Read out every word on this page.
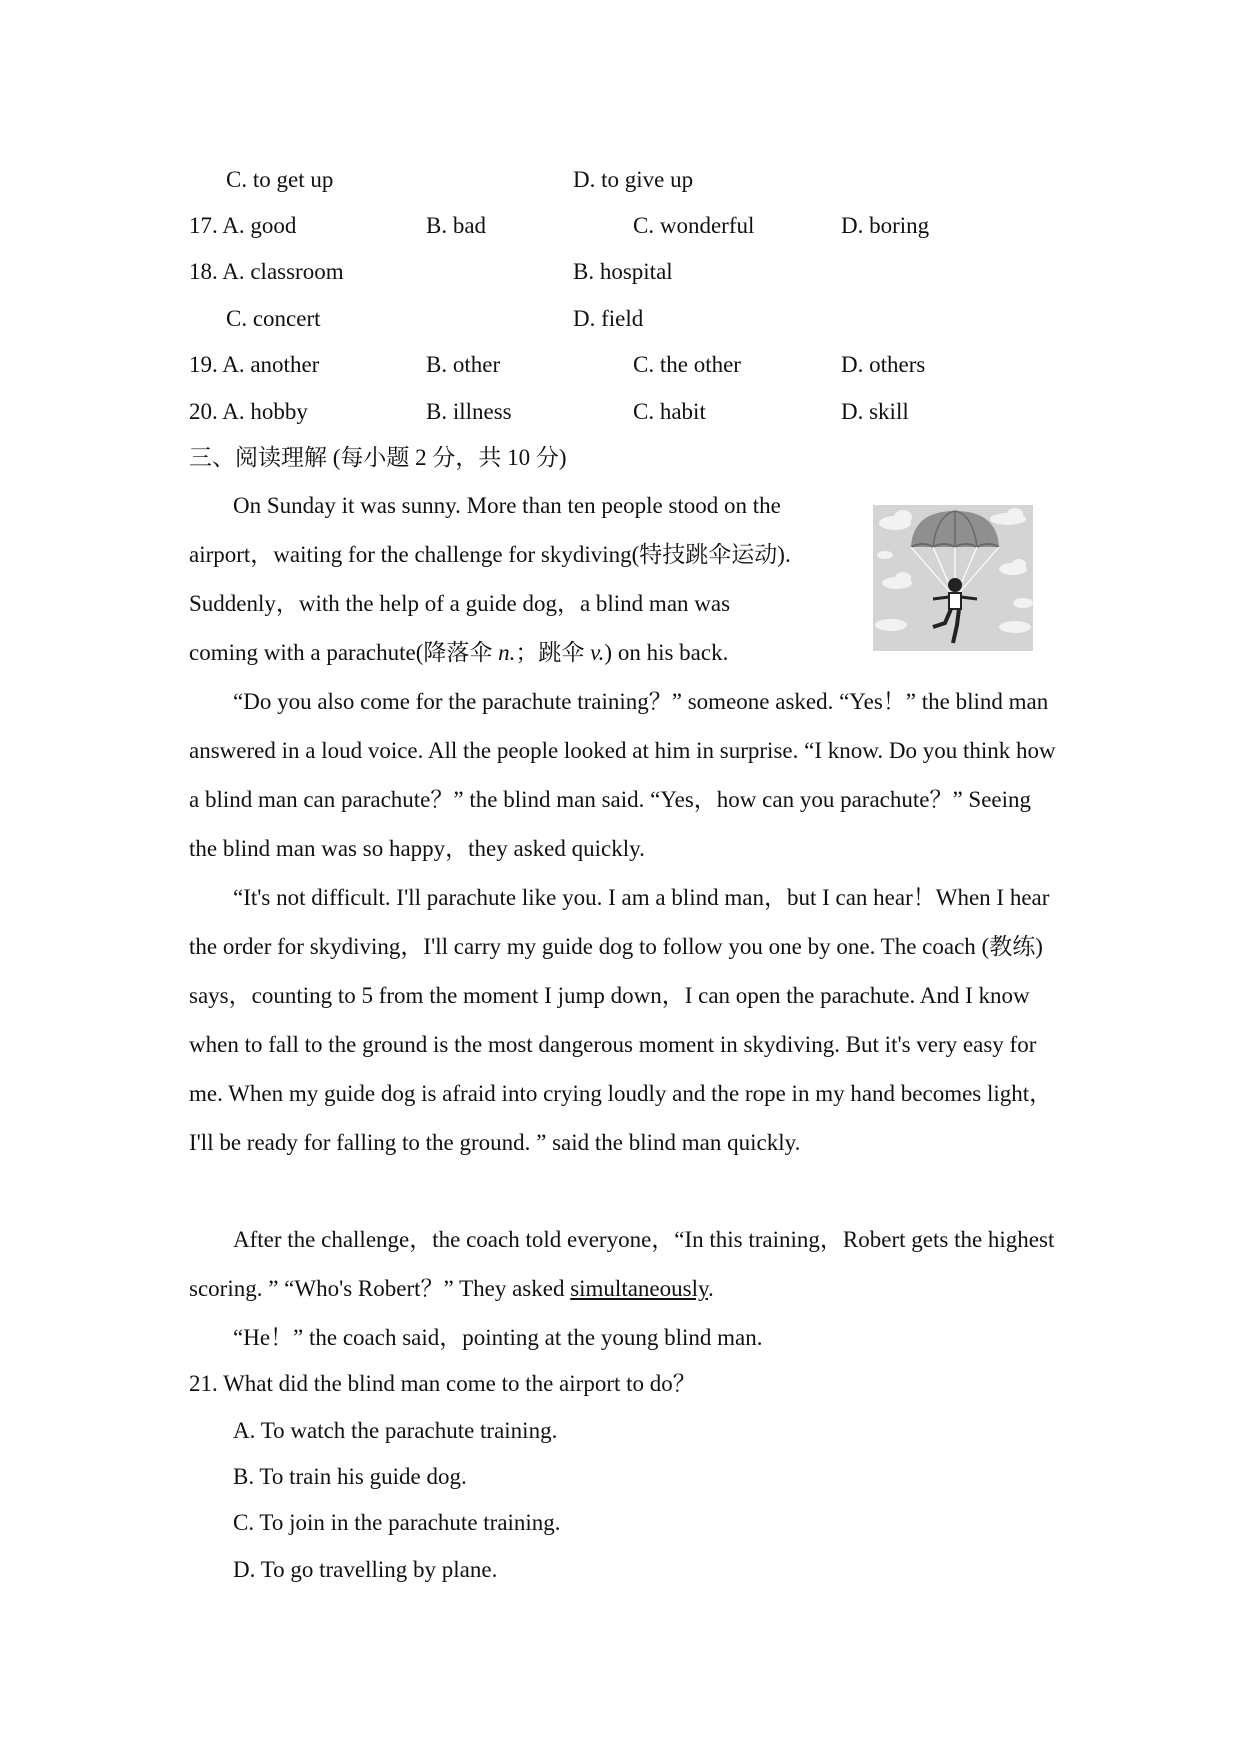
C. to get up	D. to give up
17. A. good	B. bad	C. wonderful	D. boring
18. A. classroom	B. hospital
C. concert	D. field
19. A. another	B. other	C. the other	D. others
20. A. hobby	B. illness	C. habit	D. skill
三、阅读理解 (每小题 2 分，共 10 分)
On Sunday it was sunny. More than ten people stood on the
airport，waiting for the challenge for skydiving(特技跳伞运动).
Suddenly，with the help of a guide dog，a blind man was
coming with a parachute(降落伞 n.；跳伞 v.) on his back.
“Do you also come for the parachute training？” someone asked. “Yes！” the blind man answered in a loud voice. All the people looked at him in surprise. “I know. Do you think how a blind man can parachute？” the blind man said. “Yes，how can you parachute？” Seeing the blind man was so happy，they asked quickly.
“It's not difficult. I'll parachute like you. I am a blind man，but I can hear！When I hear the order for skydiving，I'll carry my guide dog to follow you one by one. The coach (教练) says，counting to 5 from the moment I jump down，I can open the parachute. And I know when to fall to the ground is the most dangerous moment in skydiving. But it's very easy for me. When my guide dog is afraid into crying loudly and the rope in my hand becomes light，I'll be ready for falling to the ground. ” said the blind man quickly.
After the challenge，the coach told everyone，“In this training，Robert gets the highest scoring. ” “Who's Robert？” They asked simultaneously.
“He！” the coach said，pointing at the young blind man.
21. What did the blind man come to the airport to do？
A. To watch the parachute training.
B. To train his guide dog.
C. To join in the parachute training.
D. To go travelling by plane.
